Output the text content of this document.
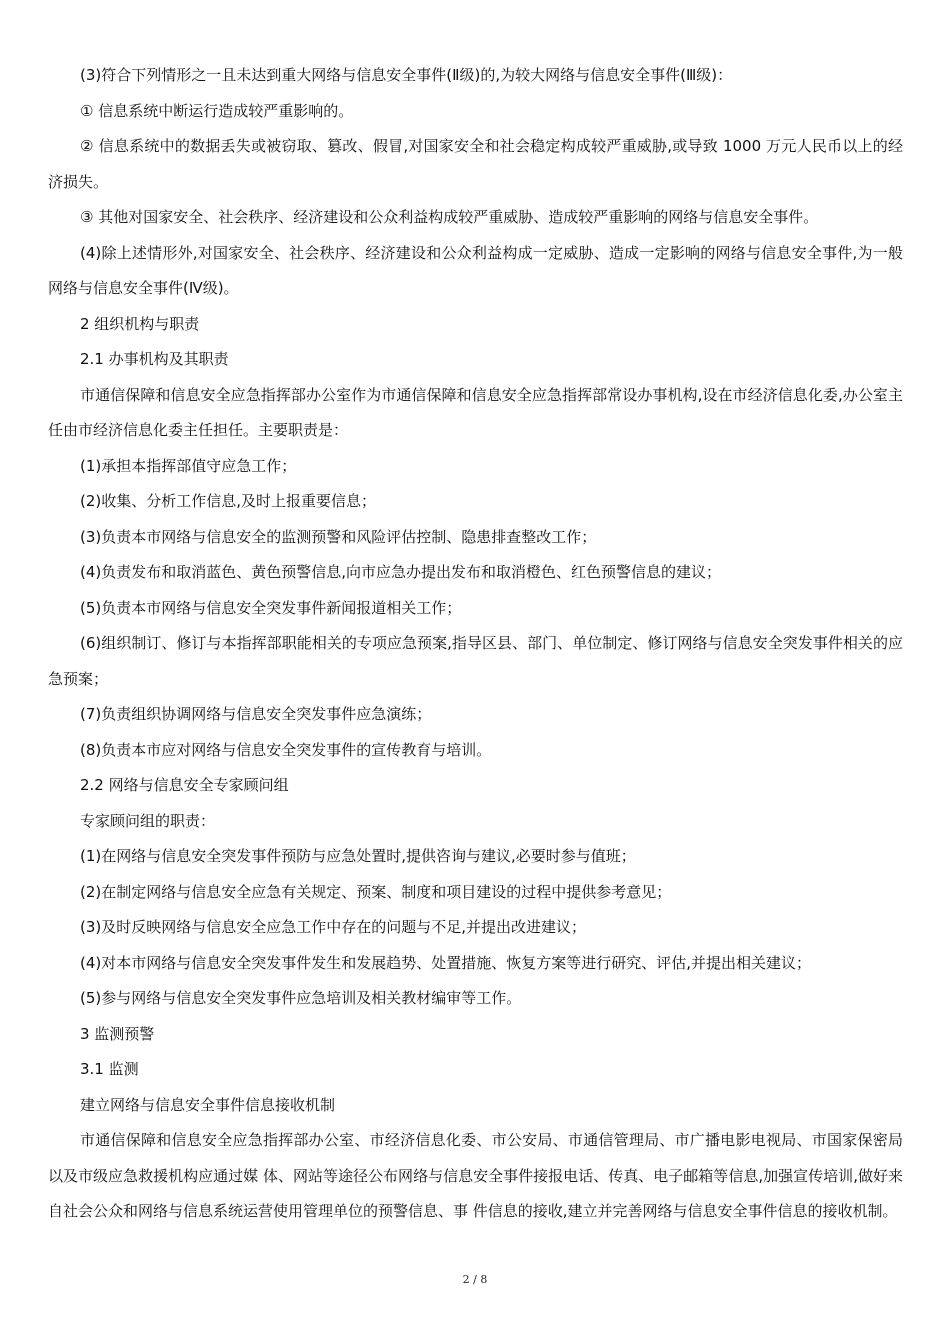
(3)符合下列情形之一且未达到重大网络与信息安全事件(Ⅱ级)的,为较大网络与信息安全事件(Ⅲ级)：

① 信息系统中断运行造成较严重影响的。

② 信息系统中的数据丢失或被窃取、篡改、假冒,对国家安全和社会稳定构成较严重威胁,或导致 1000 万元人民币以上的经济损失。

③ 其他对国家安全、社会秩序、经济建设和公众利益构成较严重威胁、造成较严重影响的网络与信息安全事件。

(4)除上述情形外,对国家安全、社会秩序、经济建设和公众利益构成一定威胁、造成一定影响的网络与信息安全事件,为一般网络与信息安全事件(Ⅳ级)。

2 组织机构与职责

2.1 办事机构及其职责

市通信保障和信息安全应急指挥部办公室作为市通信保障和信息安全应急指挥部常设办事机构,设在市经济信息化委,办公室主任由市经济信息化委主任担任。主要职责是：

(1)承担本指挥部值守应急工作；

(2)收集、分析工作信息,及时上报重要信息；

(3)负责本市网络与信息安全的监测预警和风险评估控制、隐患排查整改工作；

(4)负责发布和取消蓝色、黄色预警信息,向市应急办提出发布和取消橙色、红色预警信息的建议；

(5)负责本市网络与信息安全突发事件新闻报道相关工作；

(6)组织制订、修订与本指挥部职能相关的专项应急预案,指导区县、部门、单位制定、修订网络与信息安全突发事件相关的应急预案；

(7)负责组织协调网络与信息安全突发事件应急演练；

(8)负责本市应对网络与信息安全突发事件的宣传教育与培训。

2.2 网络与信息安全专家顾问组

专家顾问组的职责：

(1)在网络与信息安全突发事件预防与应急处置时,提供咨询与建议,必要时参与值班；

(2)在制定网络与信息安全应急有关规定、预案、制度和项目建设的过程中提供参考意见；

(3)及时反映网络与信息安全应急工作中存在的问题与不足,并提出改进建议；

(4)对本市网络与信息安全突发事件发生和发展趋势、处置措施、恢复方案等进行研究、评估,并提出相关建议；

(5)参与网络与信息安全突发事件应急培训及相关教材编审等工作。

3 监测预警

3.1 监测

建立网络与信息安全事件信息接收机制

市通信保障和信息安全应急指挥部办公室、市经济信息化委、市公安局、市通信管理局、市广播电影电视局、市国家保密局以及市级应急救援机构应通过媒 体、网站等途径公布网络与信息安全事件接报电话、传真、电子邮箱等信息,加强宣传培训,做好来自社会公众和网络与信息系统运营使用管理单位的预警信息、事 件信息的接收,建立并完善网络与信息安全事件信息的接收机制。

2 / 8
